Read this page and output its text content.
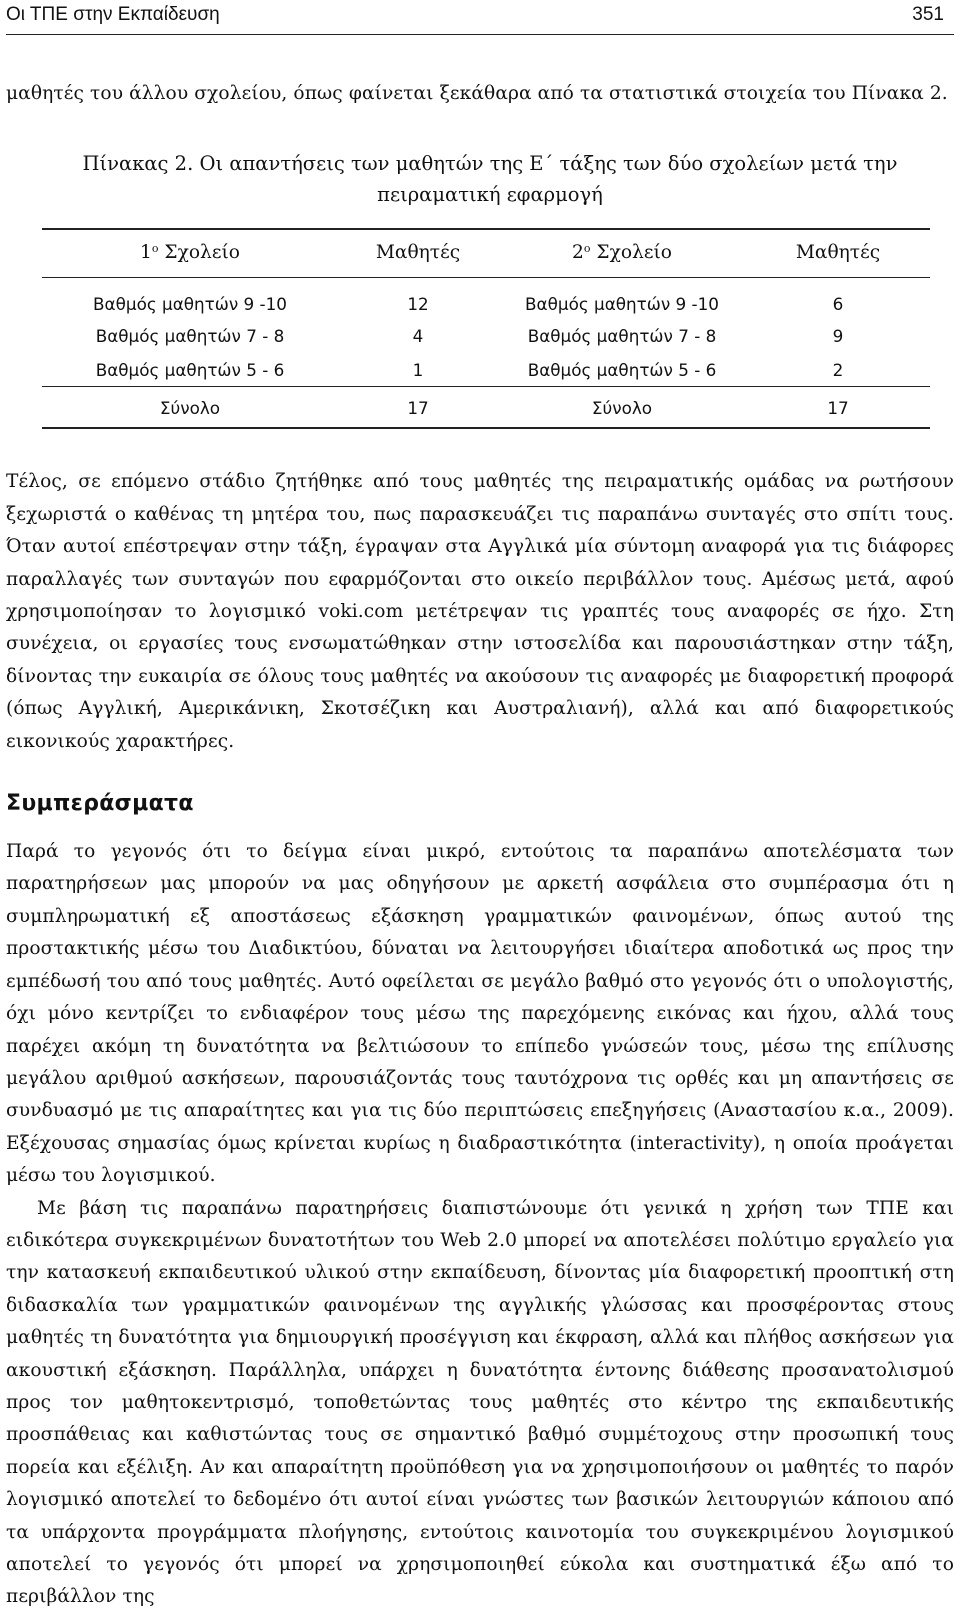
Οι ΤΠΕ στην Εκπαίδευση	351

μαθητές του άλλου σχολείου, όπως φαίνεται ξεκάθαρα από τα στατιστικά στοιχεία του Πίνακα 2.

Πίνακας 2. Οι απαντήσεις των μαθητών της Ε΄ τάξης των δύο σχολείων μετά την
πειραματική εφαρμογή
$1^o$ Σχολείο	Μαθητές	$2^o$ Σχολείο	Μαθητές
Βαθμός μαθητών 9 -10	12	Βαθμός μαθητών 9 -10	6
Βαθμός μαθητών 7 - 8	4	Βαθμός μαθητών 7 - 8	9
Βαθμός μαθητών 5 - 6	1	Βαθμός μαθητών 5 - 6	2
Σύνολο	17	Σύνολο	17

Τέλος, σε επόμενο στάδιο ζητήθηκε από τους μαθητές της πειραματικής ομάδας να ρωτήσουν ξεχωριστά ο καθένας τη μητέρα του, πως παρασκευάζει τις παραπάνω συνταγές στο σπίτι τους. Όταν αυτοί επέστρεψαν στην τάξη, έγραψαν στα Αγγλικά μία σύντομη αναφορά για τις διάφορες παραλλαγές των συνταγών που εφαρμόζονται στο οικείο περιβάλλον τους. Αμέσως μετά, αφού χρησιμοποίησαν το λογισμικό voki.com μετέτρεψαν τις γραπτές τους αναφορές σε ήχο. Στη συνέχεια, οι εργασίες τους ενσωματώθηκαν στην ιστοσελίδα και παρουσιάστηκαν στην τάξη, δίνοντας την ευκαιρία σε όλους τους μαθητές να ακούσουν τις αναφορές με διαφορετική προφορά (όπως Αγγλική, Αμερικάνικη, Σκοτσέζικη και Αυστραλιανή), αλλά και από διαφορετικούς εικονικούς χαρακτήρες.

Συμπεράσματα

Παρά το γεγονός ότι το δείγμα είναι μικρό, εντούτοις τα παραπάνω αποτελέσματα των παρατηρήσεων μας μπορούν να μας οδηγήσουν με αρκετή ασφάλεια στο συμπέρασμα ότι η συμπληρωματική εξ αποστάσεως εξάσκηση γραμματικών φαινομένων, όπως αυτού της προστακτικής μέσω του Διαδικτύου, δύναται να λειτουργήσει ιδιαίτερα αποδοτικά ως προς την εμπέδωσή του από τους μαθητές. Αυτό οφείλεται σε μεγάλο βαθμό στο γεγονός ότι ο υπολογιστής, όχι μόνο κεντρίζει το ενδιαφέρον τους μέσω της παρεχόμενης εικόνας και ήχου, αλλά τους παρέχει ακόμη τη δυνατότητα να βελτιώσουν το επίπεδο γνώσεών τους, μέσω της επίλυσης μεγάλου αριθμού ασκήσεων, παρουσιάζοντάς τους ταυτόχρονα τις ορθές και μη απαντήσεις σε συνδυασμό με τις απαραίτητες και για τις δύο περιπτώσεις επεξηγήσεις (Αναστασίου κ.α., 2009). Εξέχουσας σημασίας όμως κρίνεται κυρίως η διαδραστικότητα (interactivity), η οποία προάγεται μέσω του λογισμικού.

Με βάση τις παραπάνω παρατηρήσεις διαπιστώνουμε ότι γενικά η χρήση των ΤΠΕ και ειδικότερα συγκεκριμένων δυνατοτήτων του Web 2.0 μπορεί να αποτελέσει πολύτιμο εργαλείο για την κατασκευή εκπαιδευτικού υλικού στην εκπαίδευση, δίνοντας μία διαφορετική προοπτική στη διδασκαλία των γραμματικών φαινομένων της αγγλικής γλώσσας και προσφέροντας στους μαθητές τη δυνατότητα για δημιουργική προσέγγιση και έκφραση, αλλά και πλήθος ασκήσεων για ακουστική εξάσκηση. Παράλληλα, υπάρχει η δυνατότητα έντονης διάθεσης προσανατολισμού προς τον μαθητοκεντρισμό, τοποθετώντας τους μαθητές στο κέντρο της εκπαιδευτικής προσπάθειας και καθιστώντας τους σε σημαντικό βαθμό συμμέτοχους στην προσωπική τους πορεία και εξέλιξη. Αν και απαραίτητη προϋπόθεση για να χρησιμοποιήσουν οι μαθητές το παρόν λογισμικό αποτελεί το δεδομένο ότι αυτοί είναι γνώστες των βασικών λειτουργιών κάποιου από τα υπάρχοντα προγράμματα πλοήγησης, εντούτοις καινοτομία του συγκεκριμένου λογισμικού αποτελεί το γεγονός ότι μπορεί να χρησιμοποιηθεί εύκολα και συστηματικά έξω από το περιβάλλον της
